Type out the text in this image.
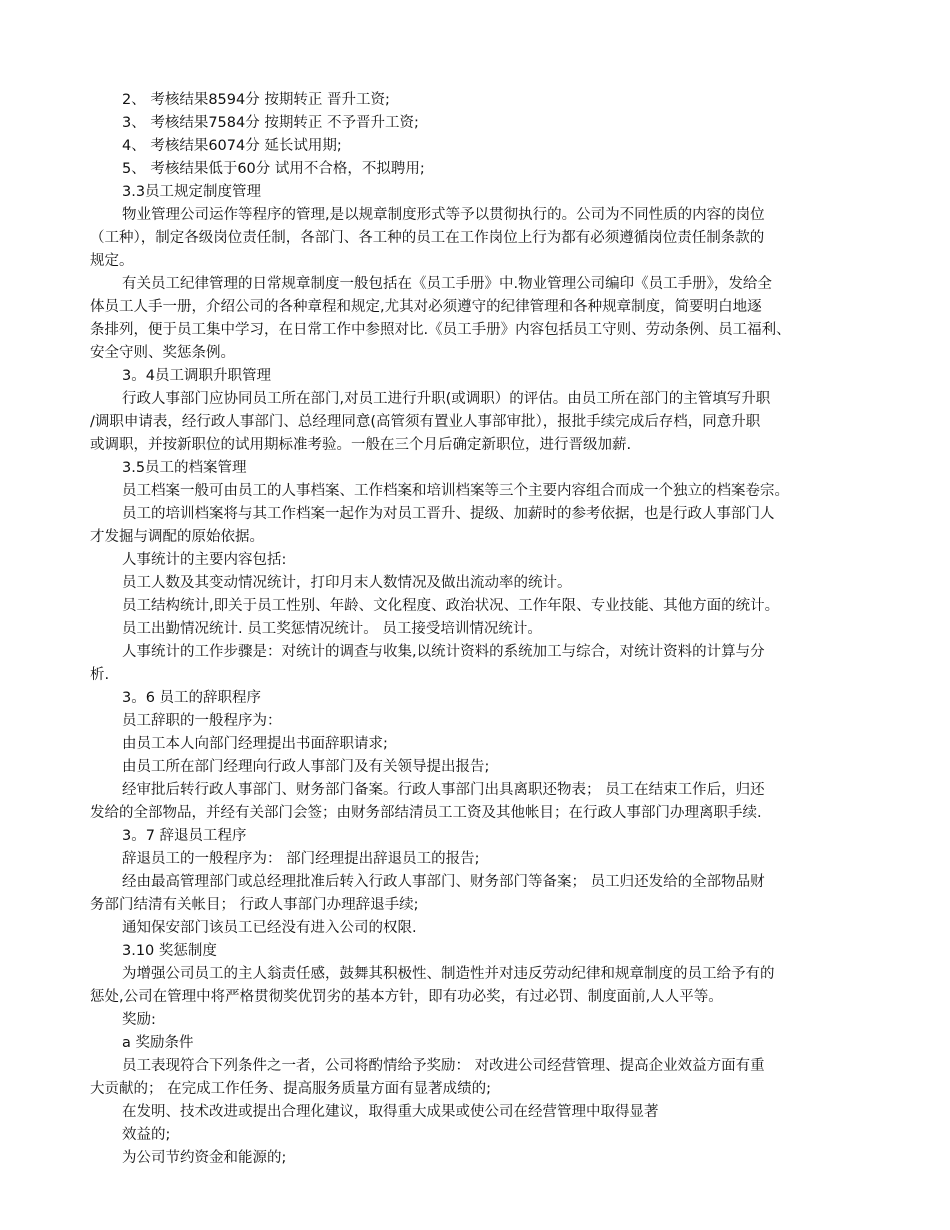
2、 考核结果8594分 按期转正 晋升工资;
3、 考核结果7584分 按期转正 不予晋升工资;
4、 考核结果6074分 延长试用期;
5、 考核结果低于60分 试用不合格，不拟聘用;
3.3员工规定制度管理
物业管理公司运作等程序的管理,是以规章制度形式等予以贯彻执行的。公司为不同性质的内容的岗位
（工种），制定各级岗位责任制，各部门、各工种的员工在工作岗位上行为都有必须遵循岗位责任制条款的
规定。
有关员工纪律管理的日常规章制度一般包括在《员工手册》中.物业管理公司编印《员工手册》，发给全
体员工人手一册，介绍公司的各种章程和规定,尤其对必须遵守的纪律管理和各种规章制度，简要明白地逐
条排列，便于员工集中学习，在日常工作中参照对比.《员工手册》内容包括员工守则、劳动条例、员工福利、
安全守则、奖惩条例。
3。4员工调职升职管理
行政人事部门应协同员工所在部门,对员工进行升职(或调职）的评估。由员工所在部门的主管填写升职
/调职申请表，经行政人事部门、总经理同意(高管须有置业人事部审批），报批手续完成后存档，同意升职
或调职，并按新职位的试用期标准考验。一般在三个月后确定新职位，进行晋级加薪.
3.5员工的档案管理
员工档案一般可由员工的人事档案、工作档案和培训档案等三个主要内容组合而成一个独立的档案卷宗。
员工的培训档案将与其工作档案一起作为对员工晋升、提级、加薪时的参考依据，也是行政人事部门人
才发掘与调配的原始依据。
人事统计的主要内容包括:
员工人数及其变动情况统计，打印月末人数情况及做出流动率的统计。
员工结构统计,即关于员工性别、年龄、文化程度、政治状况、工作年限、专业技能、其他方面的统计。
员工出勤情况统计. 员工奖惩情况统计。 员工接受培训情况统计。
人事统计的工作步骤是：对统计的调查与收集,以统计资料的系统加工与综合，对统计资料的计算与分
析.
3。6 员工的辞职程序
员工辞职的一般程序为：
由员工本人向部门经理提出书面辞职请求;
由员工所在部门经理向行政人事部门及有关领导提出报告;
经审批后转行政人事部门、财务部门备案。行政人事部门出具离职还物表； 员工在结束工作后，归还
发给的全部物品，并经有关部门会签；由财务部结清员工工资及其他帐目；在行政人事部门办理离职手续.
3。7 辞退员工程序
辞退员工的一般程序为： 部门经理提出辞退员工的报告;
经由最高管理部门或总经理批准后转入行政人事部门、财务部门等备案； 员工归还发给的全部物品财
务部门结清有关帐目； 行政人事部门办理辞退手续;
通知保安部门该员工已经没有进入公司的权限.
3.10 奖惩制度
为增强公司员工的主人翁责任感，鼓舞其积极性、制造性并对违反劳动纪律和规章制度的员工给予有的
惩处,公司在管理中将严格贯彻奖优罚劣的基本方针，即有功必奖，有过必罚、制度面前,人人平等。
奖励:
a 奖励条件
员工表现符合下列条件之一者，公司将酌情给予奖励： 对改进公司经营管理、提高企业效益方面有重
大贡献的； 在完成工作任务、提高服务质量方面有显著成绩的;
在发明、技术改进或提出合理化建议，取得重大成果或使公司在经营管理中取得显著
效益的;
为公司节约资金和能源的;
